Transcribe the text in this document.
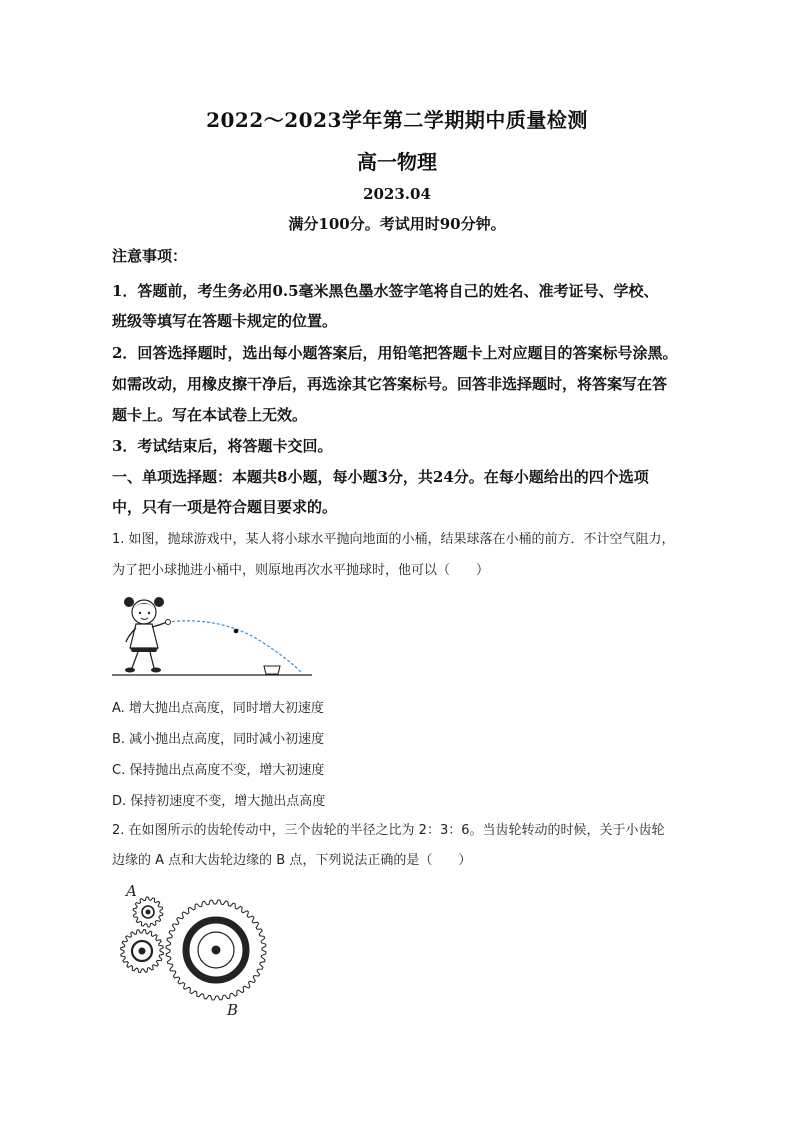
2022～2023学年第二学期期中质量检测
高一物理
2023.04
满分100分。考试用时90分钟。
注意事项：
1．答题前，考生务必用0.5毫米黑色墨水签字笔将自己的姓名、准考证号、学校、
班级等填写在答题卡规定的位置。
2．回答选择题时，选出每小题答案后，用铅笔把答题卡上对应题目的答案标号涂黑。
如需改动，用橡皮擦干净后，再选涂其它答案标号。回答非选择题时，将答案写在答
题卡上。写在本试卷上无效。
3．考试结束后，将答题卡交回。
一、单项选择题：本题共8小题，每小题3分，共24分。在每小题给出的四个选项
中，只有一项是符合题目要求的。
1. 如图，抛球游戏中，某人将小球水平抛向地面的小桶，结果球落在小桶的前方．不计空气阻力，
为了把小球抛进小桶中，则原地再次水平抛球时，他可以（　　）
A. 增大抛出点高度，同时增大初速度
B. 减小抛出点高度，同时减小初速度
C. 保持抛出点高度不变，增大初速度
D. 保持初速度不变，增大抛出点高度
2. 在如图所示的齿轮传动中，三个齿轮的半径之比为 2：3：6。当齿轮转动的时候，关于小齿轮
边缘的 A 点和大齿轮边缘的 B 点，下列说法正确的是（　　）
A
B
